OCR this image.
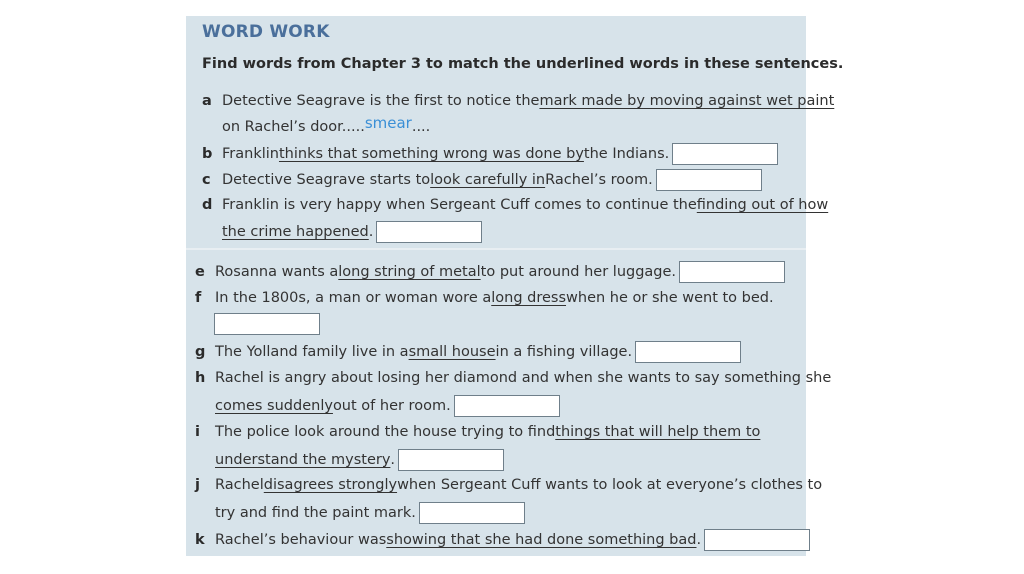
WORD WORK
Find words from Chapter 3 to match the underlined words in these sentences.
a Detective Seagrave is the first to notice the mark made by moving against wet paint
on Rachel’s door. .... smear ....
b Franklin thinks that something wrong was done by the Indians.
c Detective Seagrave starts to look carefully in Rachel’s room.
d Franklin is very happy when Sergeant Cuff comes to continue the finding out of how
the crime happened .
e Rosanna wants a long string of metal to put around her luggage.
f In the 1800s, a man or woman wore a long dress when he or she went to bed.
g The Yolland family live in a small house in a fishing village.
h Rachel is angry about losing her diamond and when she wants to say something she
comes suddenly out of her room.
i	The police look around the house trying to find things that will help them to
understand the mystery .
j	Rachel disagrees strongly when Sergeant Cuff wants to look at everyone’s clothes to
try and find the paint mark.
k Rachel’s behaviour was showing that she had done something bad .
